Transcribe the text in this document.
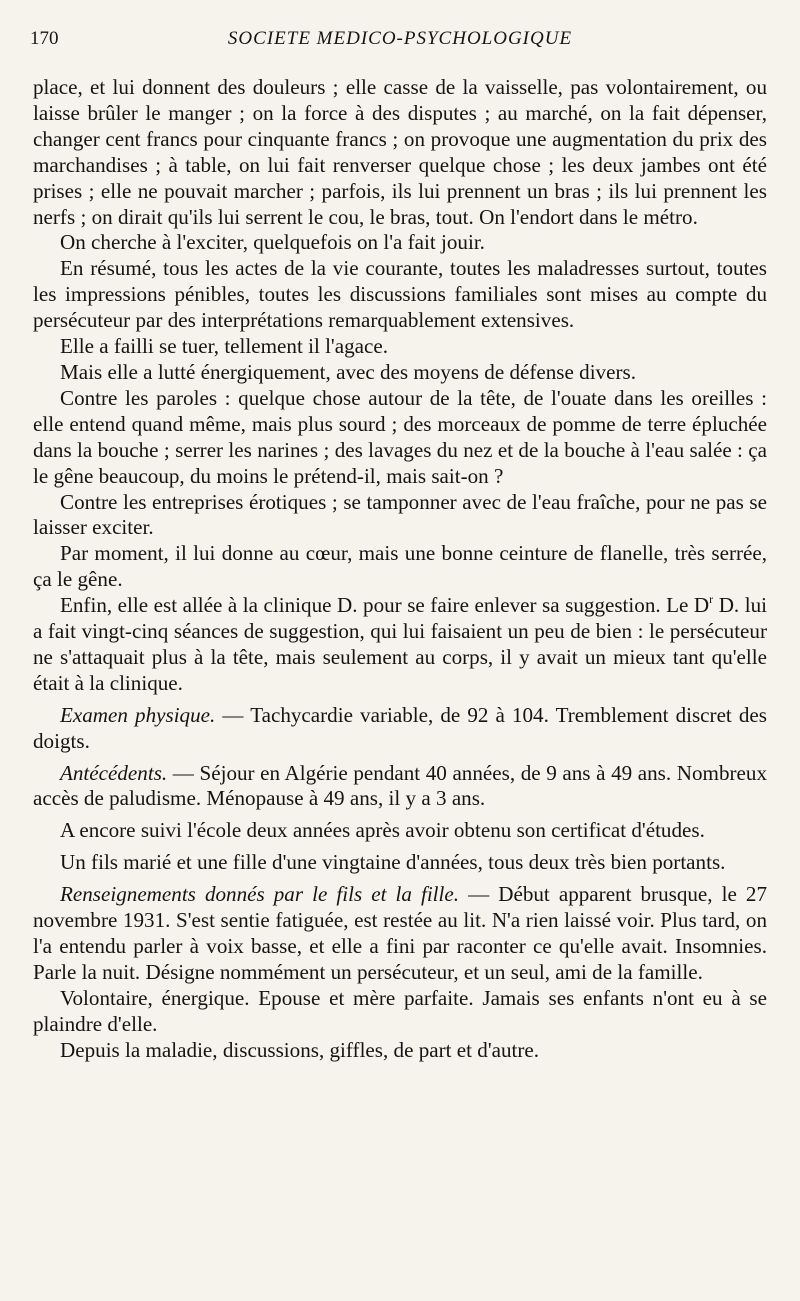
170	SOCIETE MEDICO-PSYCHOLOGIQUE

place, et lui donnent des douleurs ; elle casse de la vaisselle, pas volontairement, ou laisse brûler le manger ; on la force à des disputes ; au marché, on la fait dépenser, changer cent francs pour cinquante francs ; on provoque une augmentation du prix des marchandises ; à table, on lui fait renverser quelque chose ; les deux jambes ont été prises ; elle ne pouvait marcher ; parfois, ils lui prennent un bras ; ils lui prennent les nerfs ; on dirait qu'ils lui serrent le cou, le bras, tout. On l'endort dans le métro.

On cherche à l'exciter, quelquefois on l'a fait jouir.

En résumé, tous les actes de la vie courante, toutes les maladresses surtout, toutes les impressions pénibles, toutes les discussions familiales sont mises au compte du persécuteur par des interprétations remarquablement extensives.

Elle a failli se tuer, tellement il l'agace.

Mais elle a lutté énergiquement, avec des moyens de défense divers.

Contre les paroles : quelque chose autour de la tête, de l'ouate dans les oreilles : elle entend quand même, mais plus sourd ; des morceaux de pomme de terre épluchée dans la bouche ; serrer les narines ; des lavages du nez et de la bouche à l'eau salée : ça le gêne beaucoup, du moins le prétend-il, mais sait-on ?

Contre les entreprises érotiques ; se tamponner avec de l'eau fraîche, pour ne pas se laisser exciter.

Par moment, il lui donne au cœur, mais une bonne ceinture de flanelle, très serrée, ça le gêne.

Enfin, elle est allée à la clinique D. pour se faire enlever sa suggestion. Le $D^r$ D. lui a fait vingt-cinq séances de suggestion, qui lui faisaient un peu de bien : le persécuteur ne s'attaquait plus à la tête, mais seulement au corps, il y avait un mieux tant qu'elle était à la clinique.

Examen physique. — Tachycardie variable, de 92 à 104. Tremblement discret des doigts.

Antécédents. — Séjour en Algérie pendant 40 années, de 9 ans à 49 ans. Nombreux accès de paludisme. Ménopause à 49 ans, il y a 3 ans.

A encore suivi l'école deux années après avoir obtenu son certificat d'études.

Un fils marié et une fille d'une vingtaine d'années, tous deux très bien portants.

Renseignements donnés par le fils et la fille. — Début apparent brusque, le 27 novembre 1931. S'est sentie fatiguée, est restée au lit. N'a rien laissé voir. Plus tard, on l'a entendu parler à voix basse, et elle a fini par raconter ce qu'elle avait. Insomnies. Parle la nuit. Désigne nommément un persécuteur, et un seul, ami de la famille.

Volontaire, énergique. Epouse et mère parfaite. Jamais ses enfants n'ont eu à se plaindre d'elle.

Depuis la maladie, discussions, giffles, de part et d'autre.
